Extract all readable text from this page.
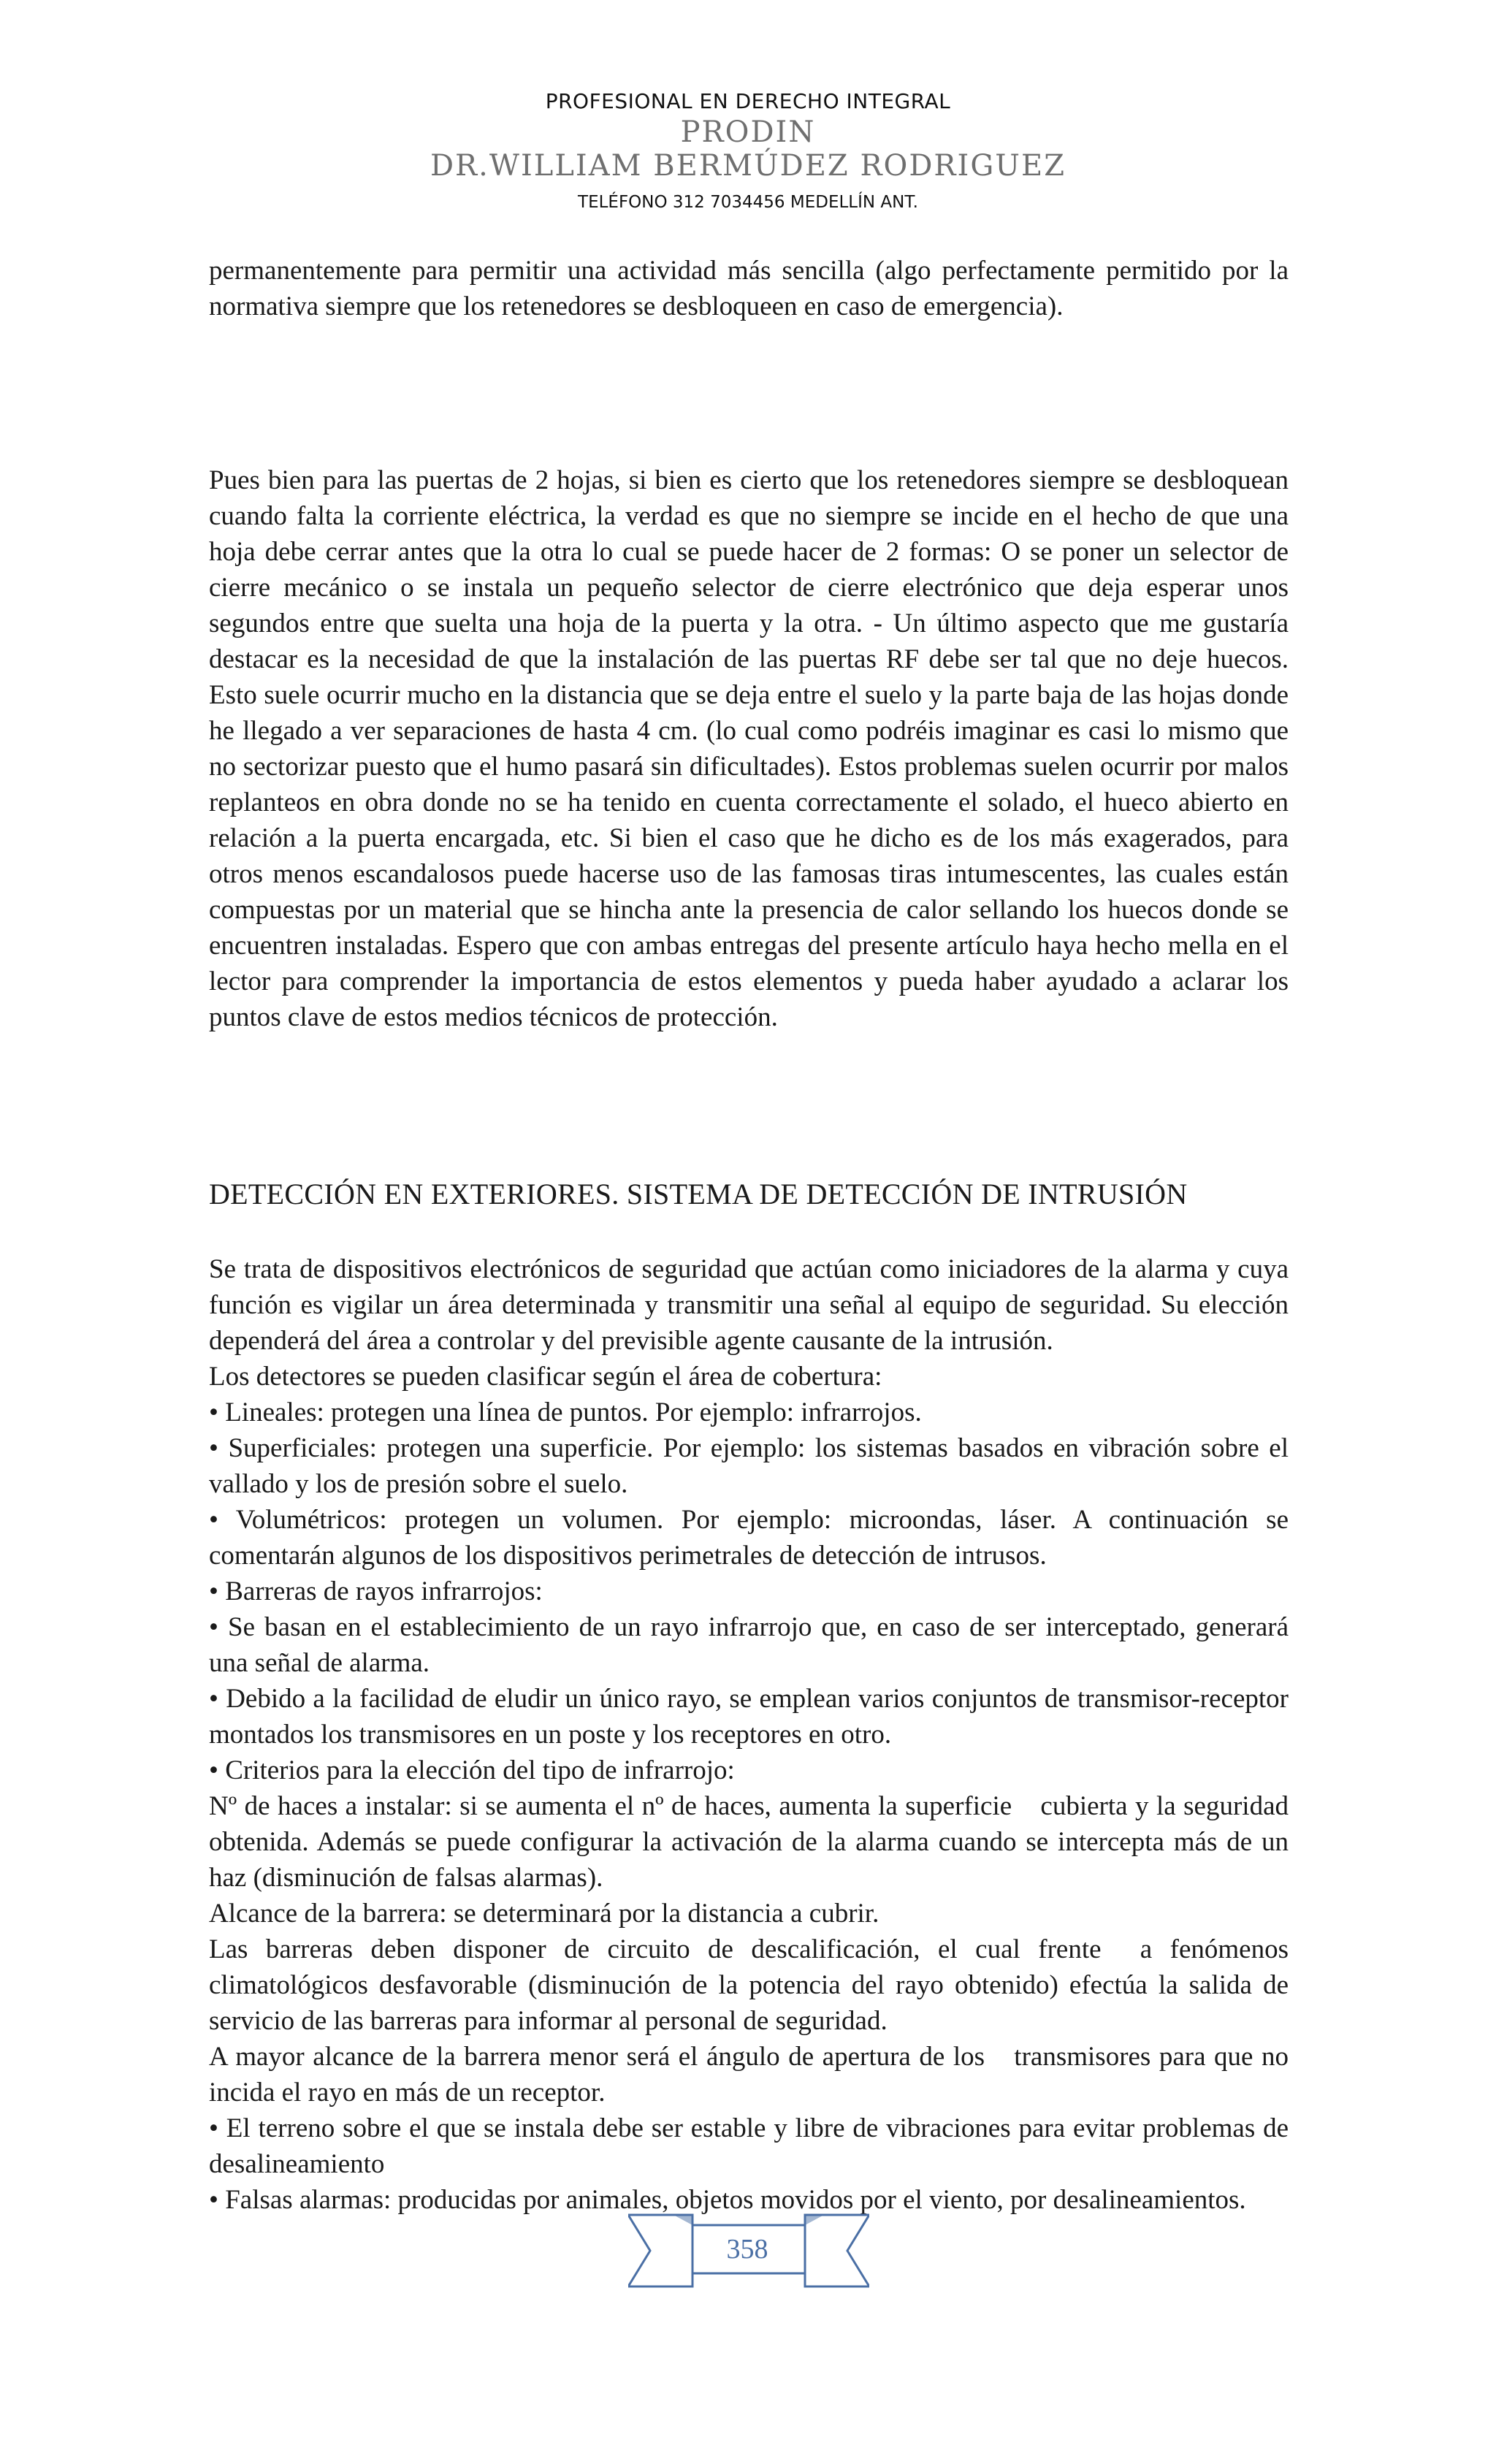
PROFESIONAL EN DERECHO INTEGRAL
PRODIN
DR.WILLIAM BERMÚDEZ RODRIGUEZ
TELÉFONO 312 7034456 MEDELLÍN ANT.

permanentemente para permitir una actividad más sencilla (algo perfectamente permitido por la normativa siempre que los retenedores se desbloqueen en caso de emergencia).

Pues bien para las puertas de 2 hojas, si bien es cierto que los retenedores siempre se desbloquean cuando falta la corriente eléctrica, la verdad es que no siempre se incide en el hecho de que una hoja debe cerrar antes que la otra lo cual se puede hacer de 2 formas: O se poner un selector de cierre mecánico o se instala un pequeño selector de cierre electrónico que deja esperar unos segundos entre que suelta una hoja de la puerta y la otra. - Un último aspecto que me gustaría destacar es la necesidad de que la instalación de las puertas RF debe ser tal que no deje huecos. Esto suele ocurrir mucho en la distancia que se deja entre el suelo y la parte baja de las hojas donde he llegado a ver separaciones de hasta 4 cm. (lo cual como podréis imaginar es casi lo mismo que no sectorizar puesto que el humo pasará sin dificultades). Estos problemas suelen ocurrir por malos replanteos en obra donde no se ha tenido en cuenta correctamente el solado, el hueco abierto en relación a la puerta encargada, etc. Si bien el caso que he dicho es de los más exagerados, para otros menos escandalosos puede hacerse uso de las famosas tiras intumescentes, las cuales están compuestas por un material que se hincha ante la presencia de calor sellando los huecos donde se encuentren instaladas. Espero que con ambas entregas del presente artículo haya hecho mella en el lector para comprender la importancia de estos elementos y pueda haber ayudado a aclarar los puntos clave de estos medios técnicos de protección.

DETECCIÓN EN EXTERIORES. SISTEMA DE DETECCIÓN DE INTRUSIÓN

Se trata de dispositivos electrónicos de seguridad que actúan como iniciadores de la alarma y cuya función es vigilar un área determinada y transmitir una señal al equipo de seguridad. Su elección dependerá del área a controlar y del previsible agente causante de la intrusión.

Los detectores se pueden clasificar según el área de cobertura:

• Lineales: protegen una línea de puntos. Por ejemplo: infrarrojos.

• Superficiales: protegen una superficie. Por ejemplo: los sistemas basados en vibración sobre el vallado y los de presión sobre el suelo.

• Volumétricos: protegen un volumen. Por ejemplo: microondas, láser. A continuación se comentarán algunos de los dispositivos perimetrales de detección de intrusos.

• Barreras de rayos infrarrojos:

• Se basan en el establecimiento de un rayo infrarrojo que, en caso de ser interceptado, generará una señal de alarma.

• Debido a la facilidad de eludir un único rayo, se emplean varios conjuntos de transmisor-receptor montados los transmisores en un poste y los receptores en otro.

• Criterios para la elección del tipo de infrarrojo:

Nº de haces a instalar: si se aumenta el nº de haces, aumenta la superficie cubierta y la seguridad obtenida. Además se puede configurar la activación de la alarma cuando se intercepta más de un haz (disminución de falsas alarmas).

Alcance de la barrera: se determinará por la distancia a cubrir.

Las barreras deben disponer de circuito de descalificación, el cual frente a fenómenos climatológicos desfavorable (disminución de la potencia del rayo obtenido) efectúa la salida de servicio de las barreras para informar al personal de seguridad.

A mayor alcance de la barrera menor será el ángulo de apertura de los transmisores para que no incida el rayo en más de un receptor.

• El terreno sobre el que se instala debe ser estable y libre de vibraciones para evitar problemas de desalineamiento

• Falsas alarmas: producidas por animales, objetos movidos por el viento, por desalineamientos.

358
